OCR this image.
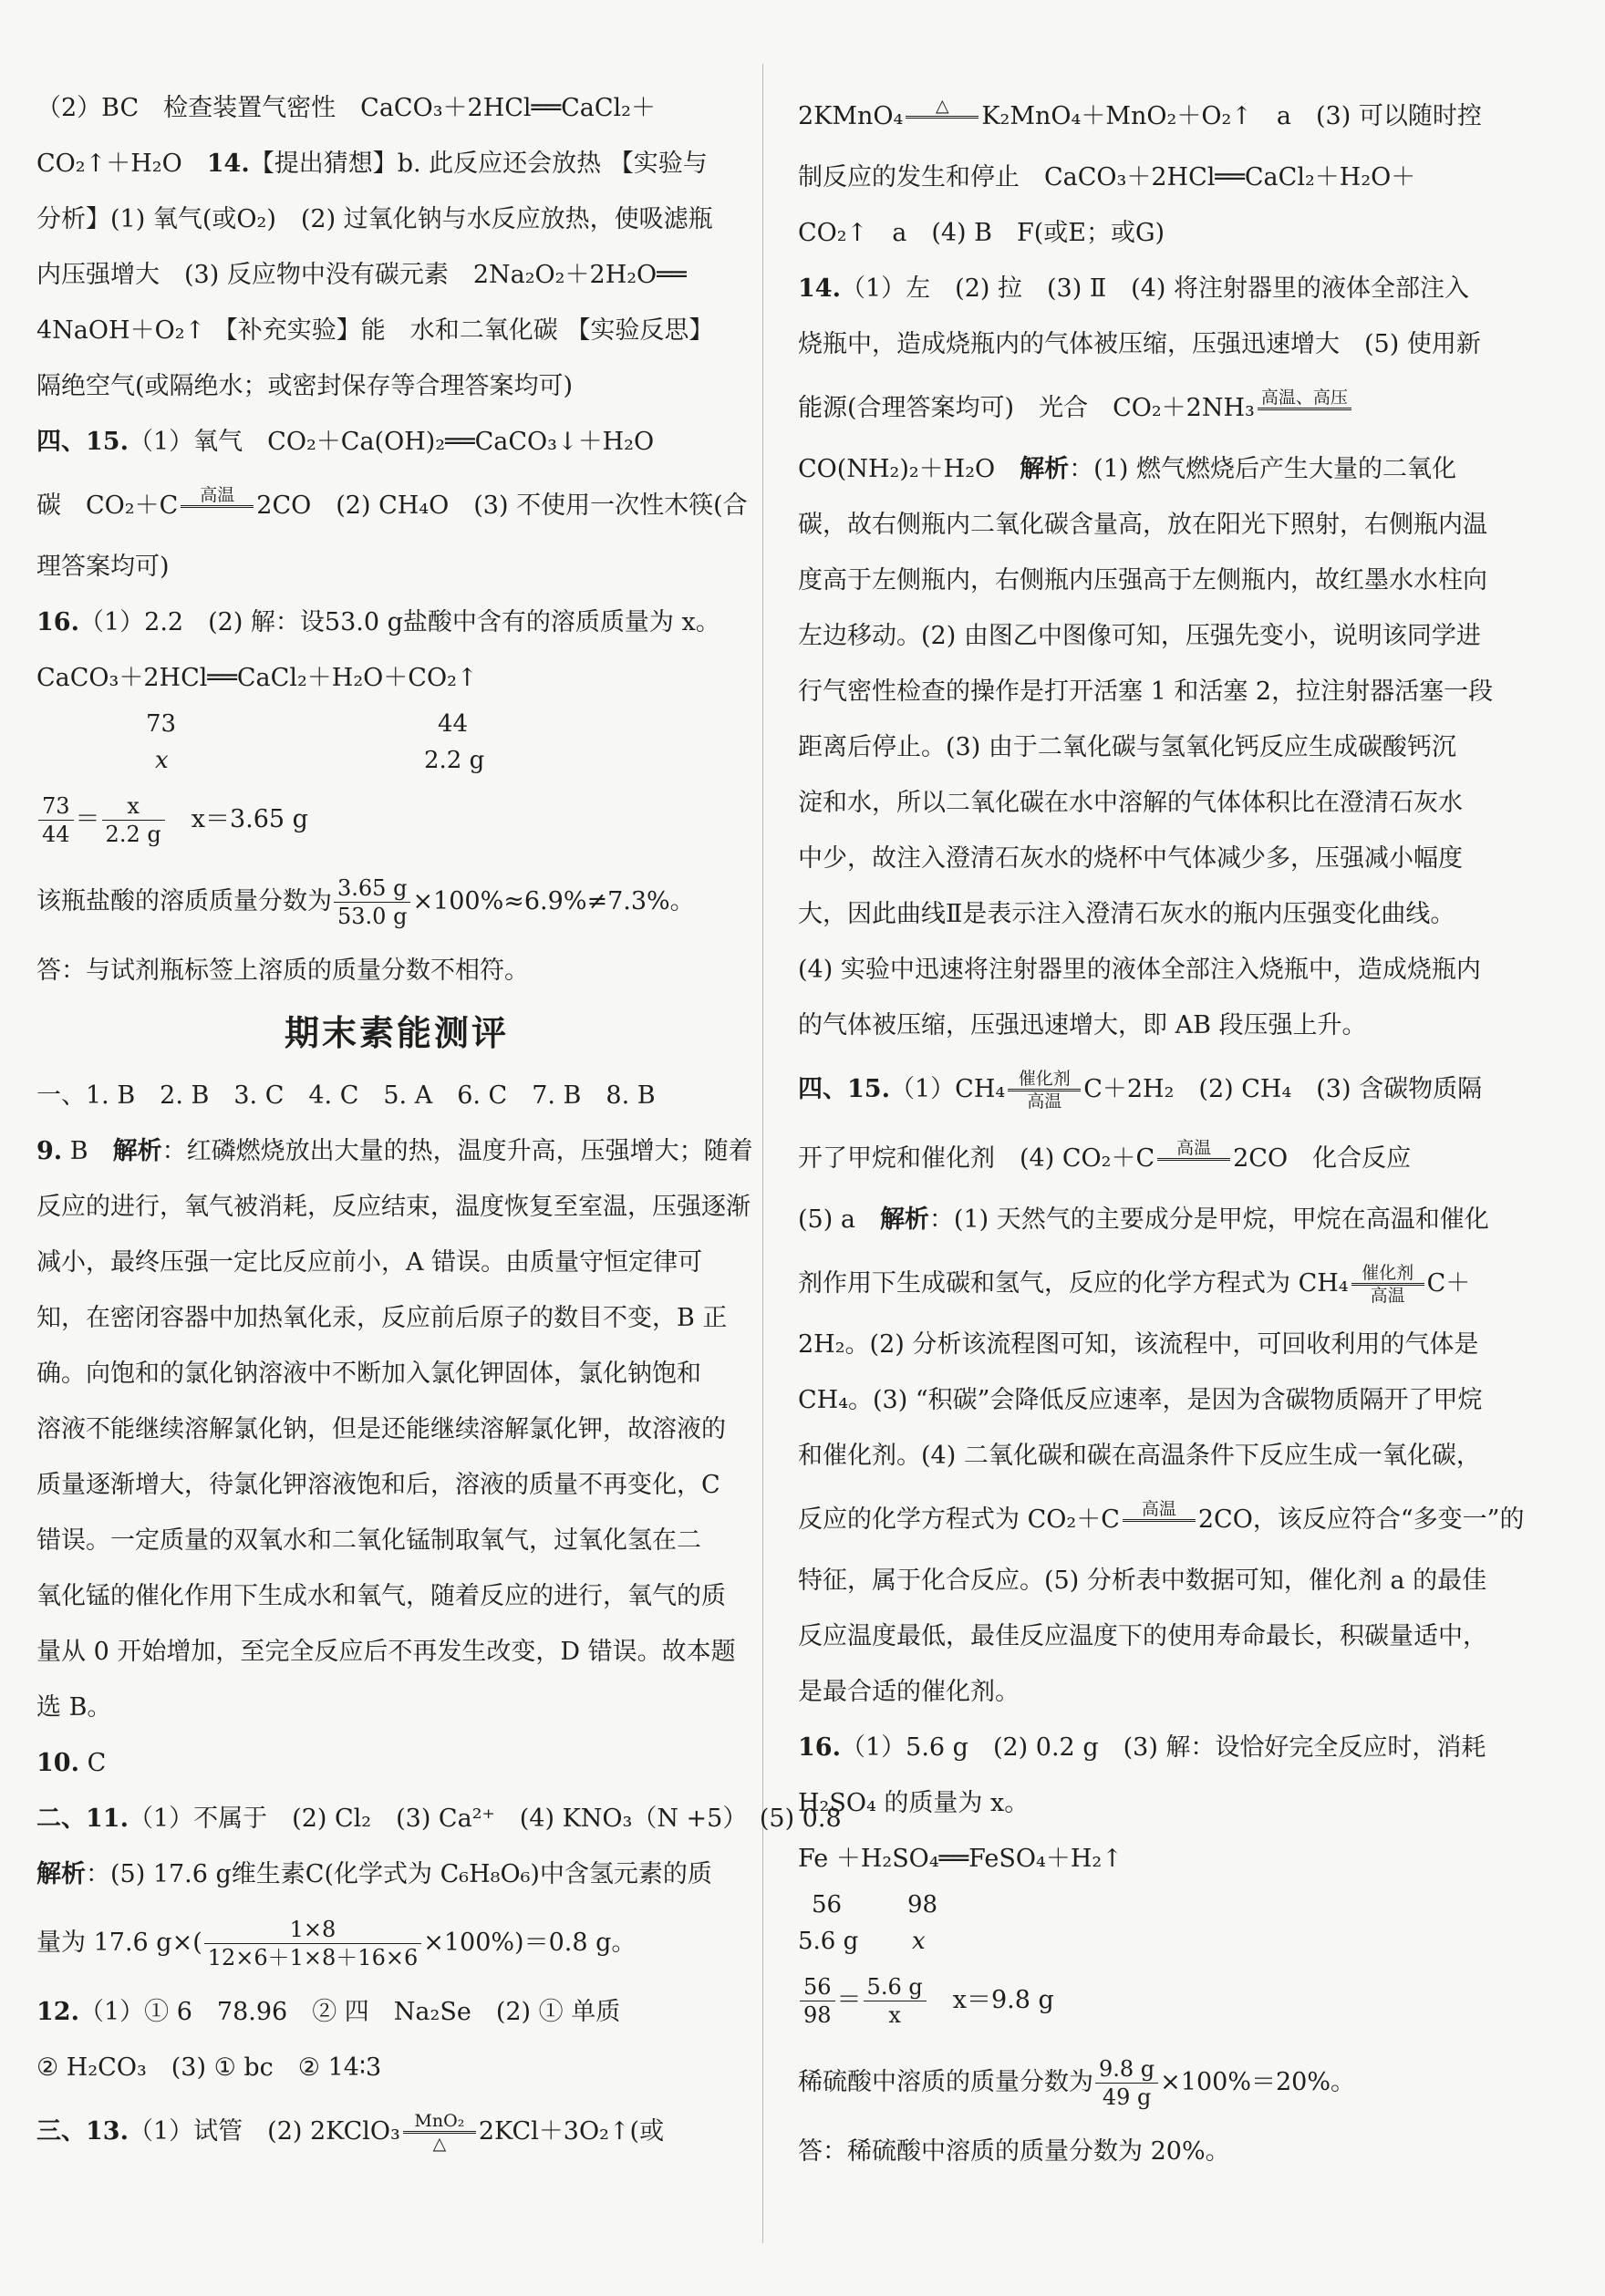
（2）BC　检查装置气密性　CaCO₃＋2HCl══CaCl₂＋
CO₂↑＋H₂O　14.【提出猜想】b. 此反应还会放热 【实验与
分析】(1) 氧气(或O₂)　(2) 过氧化钠与水反应放热，使吸滤瓶
内压强增大　(3) 反应物中没有碳元素　2Na₂O₂＋2H₂O══
4NaOH＋O₂↑ 【补充实验】能　水和二氧化碳 【实验反思】
隔绝空气(或隔绝水；或密封保存等合理答案均可)
四、15.（1）氧气　CO₂＋Ca(OH)₂══CaCO₃↓＋H₂O
碳　CO₂＋C	高温 2CO　(2) CH₄O　(3) 不使用一次性木筷(合
理答案均可)
16.（1）2.2　(2) 解：设53.0 g盐酸中含有的溶质质量为 x。
CaCO₃＋2HCl══CaCl₂＋H₂O＋CO₂↑
73	44
x	2.2 g
$\frac{73}{44} = \frac{x}{2.2 g}$
　 x＝3.65 g
该瓶盐酸的溶质质量分数为 $\frac{3.65 g}{53.0 g} \times 100\%\approx 6.9\%\ne 7.3\%$。
答：与试剂瓶标签上溶质的质量分数不相符。
期末素能测评
一、1. B　2. B　3. C　4. C　5. A　6. C　7. B　8. B
9. B　解析：红磷燃烧放出大量的热，温度升高，压强增大；随着
反应的进行，氧气被消耗，反应结束，温度恢复至室温，压强逐渐
减小，最终压强一定比反应前小，A 错误。由质量守恒定律可
知，在密闭容器中加热氧化汞，反应前后原子的数目不变，B 正
确。向饱和的氯化钠溶液中不断加入氯化钾固体，氯化钠饱和
溶液不能继续溶解氯化钠，但是还能继续溶解氯化钾，故溶液的
质量逐渐增大，待氯化钾溶液饱和后，溶液的质量不再变化，C
错误。一定质量的双氧水和二氧化锰制取氧气，过氧化氢在二
氧化锰的催化作用下生成水和氧气，随着反应的进行，氧气的质
量从 0 开始增加，至完全反应后不再发生改变，D 错误。故本题
选 B。
10. C
二、11.（1）不属于　(2) Cl₂　(3) Ca²⁺　(4) KNO₃（N +5）　(5) 0.8
解析：(5) 17.6 g维生素C(化学式为 C₆H₈O₆)中含氢元素的质
量为 17.6 $g\times( \frac{1\times 8}{12\times 6+1\times 8+16\times 6} \times 100\%)=0.8$ g。
12.（1）① 6　78.96　② 四　Na₂Se　(2) ① 单质
② H₂CO₃　(3) ① bc　② 14∶3
三、13.（1）试管　(2) 2KClO₃ MnO₂
△	2KCl＋3O₂↑(或
2KMnO₄	△	K₂MnO₄＋MnO₂＋O₂↑　a　(3) 可以随时控
制反应的发生和停止　CaCO₃＋2HCl══CaCl₂＋H₂O＋
CO₂↑　a　(4) B　F(或E；或G)
14.（1）左　(2) 拉　(3) Ⅱ　(4) 将注射器里的液体全部注入
烧瓶中，造成烧瓶内的气体被压缩，压强迅速增大　(5) 使用新
能源(合理答案均可)　光合　CO₂＋2NH₃ 高温、高压
CO(NH₂)₂＋H₂O　解析：(1) 燃气燃烧后产生大量的二氧化
碳，故右侧瓶内二氧化碳含量高，放在阳光下照射，右侧瓶内温
度高于左侧瓶内，右侧瓶内压强高于左侧瓶内，故红墨水水柱向
左边移动。(2) 由图乙中图像可知，压强先变小，说明该同学进
行气密性检查的操作是打开活塞 1 和活塞 2，拉注射器活塞一段
距离后停止。(3) 由于二氧化碳与氢氧化钙反应生成碳酸钙沉
淀和水，所以二氧化碳在水中溶解的气体体积比在澄清石灰水
中少，故注入澄清石灰水的烧杯中气体减少多，压强减小幅度
大，因此曲线Ⅱ是表示注入澄清石灰水的瓶内压强变化曲线。
(4) 实验中迅速将注射器里的液体全部注入烧瓶中，造成烧瓶内
的气体被压缩，压强迅速增大，即 AB 段压强上升。
四、15.（1）CH₄ 催化剂
高温 C＋2H₂　(2) CH₄　(3) 含碳物质隔
开了甲烷和催化剂　(4) CO₂＋C	高温 2CO　化合反应
(5) a　解析：(1) 天然气的主要成分是甲烷，甲烷在高温和催化
剂作用下生成碳和氢气，反应的化学方程式为 CH₄ 催化剂
高温 C＋
2H₂。(2) 分析该流程图可知，该流程中，可回收利用的气体是
CH₄。(3) “积碳”会降低反应速率，是因为含碳物质隔开了甲烷
和催化剂。(4) 二氧化碳和碳在高温条件下反应生成一氧化碳，
反应的化学方程式为 CO₂＋C	高温 2CO，该反应符合“多变一”的
特征，属于化合反应。(5) 分析表中数据可知，催化剂 a 的最佳
反应温度最低，最佳反应温度下的使用寿命最长，积碳量适中，
是最合适的催化剂。
16.（1）5.6 g　(2) 0.2 g　(3) 解：设恰好完全反应时，消耗
H₂SO₄ 的质量为 x。
Fe ＋H₂SO₄══FeSO₄＋H₂↑
56	98
5.6 g x
$\frac{56}{98} = \frac{5.6 g}{x}$
　 x＝9.8 g
稀硫酸中溶质的质量分数为 $\frac{9.8 g}{49 g} \times 100\%=20\%$。
答：稀硫酸中溶质的质量分数为 20%。
